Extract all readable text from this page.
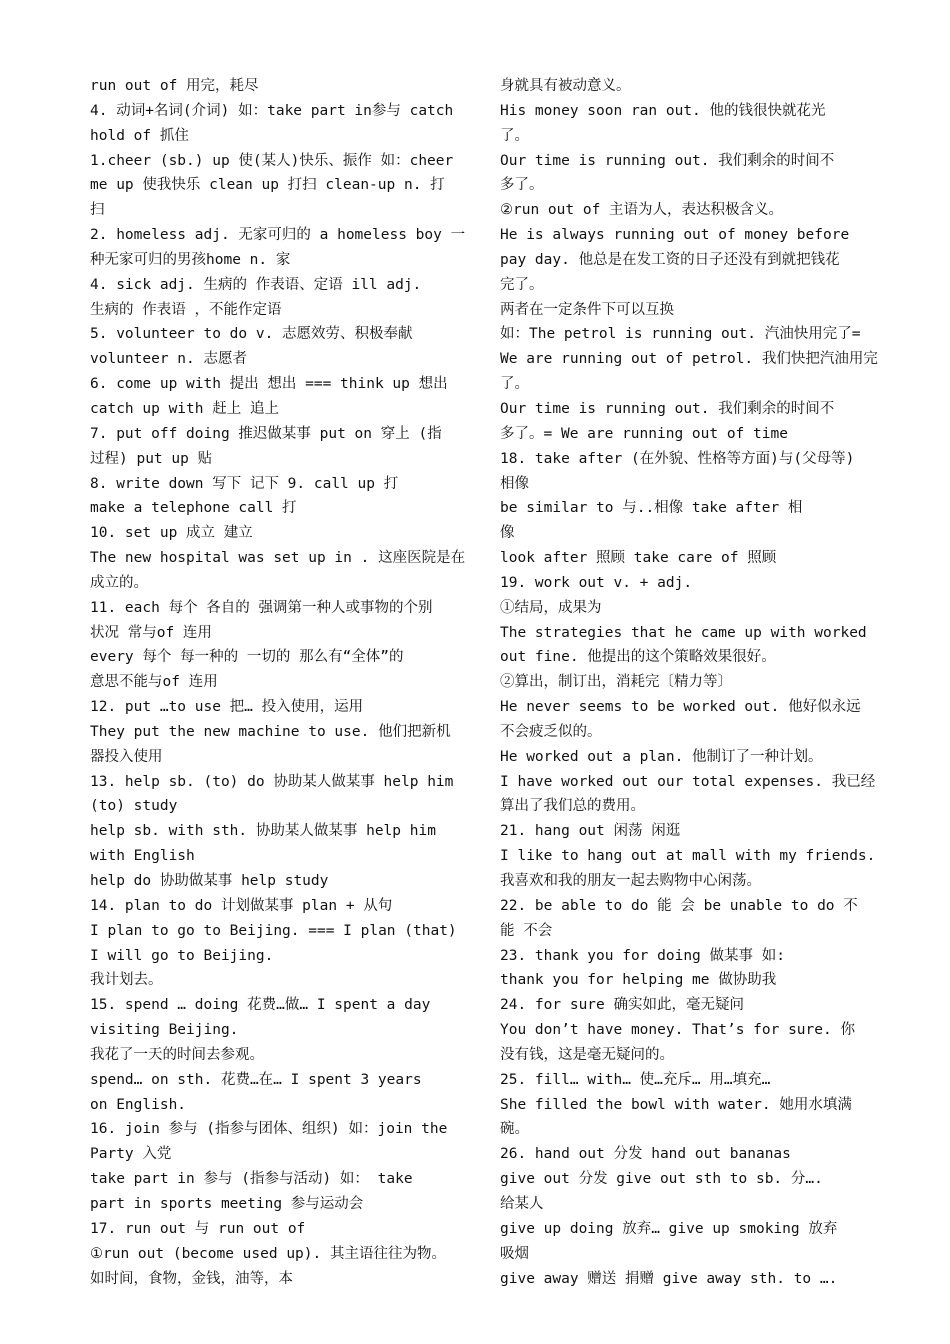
run out of 用完，耗尽
4. 动词+名词(介词) 如：take part in参与 catch
hold of 抓住
1.cheer (sb.) up 使(某人)快乐、振作 如：cheer
me up 使我快乐 clean up 打扫 clean-up n. 打
扫
2. homeless adj. 无家可归的 a homeless boy 一
种无家可归的男孩home n. 家
4. sick adj. 生病的 作表语、定语 ill adj.
生病的 作表语 ，不能作定语
5. volunteer to do v. 志愿效劳、积极奉献
volunteer n. 志愿者
6. come up with 提出 想出 === think up 想出
catch up with 赶上 追上
7. put off doing 推迟做某事 put on 穿上 (指
过程) put up 贴
8. write down 写下 记下 9. call up 打
make a telephone call 打
10. set up 成立 建立
The new hospital was set up in . 这座医院是在
成立的。
11. each 每个 各自的 强调第一种人或事物的个别
状况 常与of 连用
every 每个 每一种的 一切的 那么有“全体”的
意思不能与of 连用
12. put …to use 把… 投入使用，运用
They put the new machine to use. 他们把新机
器投入使用
13. help sb. (to) do 协助某人做某事 help him
(to) study
help sb. with sth. 协助某人做某事 help him
with English
help do 协助做某事 help study
14. plan to do 计划做某事 plan + 从句
I plan to go to Beijing. === I plan (that)
I will go to Beijing.
我计划去。
15. spend … doing 花费…做… I spent a day
visiting Beijing.
我花了一天的时间去参观。
spend… on sth. 花费…在… I spent 3 years
on English.
16. join 参与 (指参与团体、组织) 如：join the
Party 入党
take part in 参与 (指参与活动) 如： take
part in sports meeting 参与运动会
17. run out 与 run out of
①run out (become used up). 其主语往往为物。
如时间，食物，金钱，油等，本
身就具有被动意义。
His money soon ran out. 他的钱很快就花光
了。
Our time is running out. 我们剩余的时间不
多了。
②run out of 主语为人，表达积极含义。
He is always running out of money before
pay day. 他总是在发工资的日子还没有到就把钱花
完了。
两者在一定条件下可以互换
如：The petrol is running out. 汽油快用完了=
We are running out of petrol. 我们快把汽油用完
了。
Our time is running out. 我们剩余的时间不
多了。= We are running out of time
18. take after (在外貌、性格等方面)与(父母等)
相像
be similar to 与..相像 take after 相
像
look after 照顾 take care of 照顾
19. work out v. + adj.
①结局，成果为
The strategies that he came up with worked
out fine. 他提出的这个策略效果很好。
②算出，制订出，消耗完〔精力等〕
He never seems to be worked out. 他好似永远
不会疲乏似的。
He worked out a plan. 他制订了一种计划。
I have worked out our total expenses. 我已经
算出了我们总的费用。
21. hang out 闲荡 闲逛
I like to hang out at mall with my friends.
我喜欢和我的朋友一起去购物中心闲荡。
22. be able to do 能 会 be unable to do 不
能 不会
23. thank you for doing 做某事 如:
thank you for helping me 做协助我
24. for sure 确实如此，毫无疑问
You don’t have money. That’s for sure. 你
没有钱，这是毫无疑问的。
25. fill… with… 使…充斥… 用…填充…
She filled the bowl with water. 她用水填满
碗。
26. hand out 分发 hand out bananas
give out 分发 give out sth to sb. 分….
给某人
give up doing 放弃… give up smoking 放弃
吸烟
give away 赠送 捐赠 give away sth. to ….
